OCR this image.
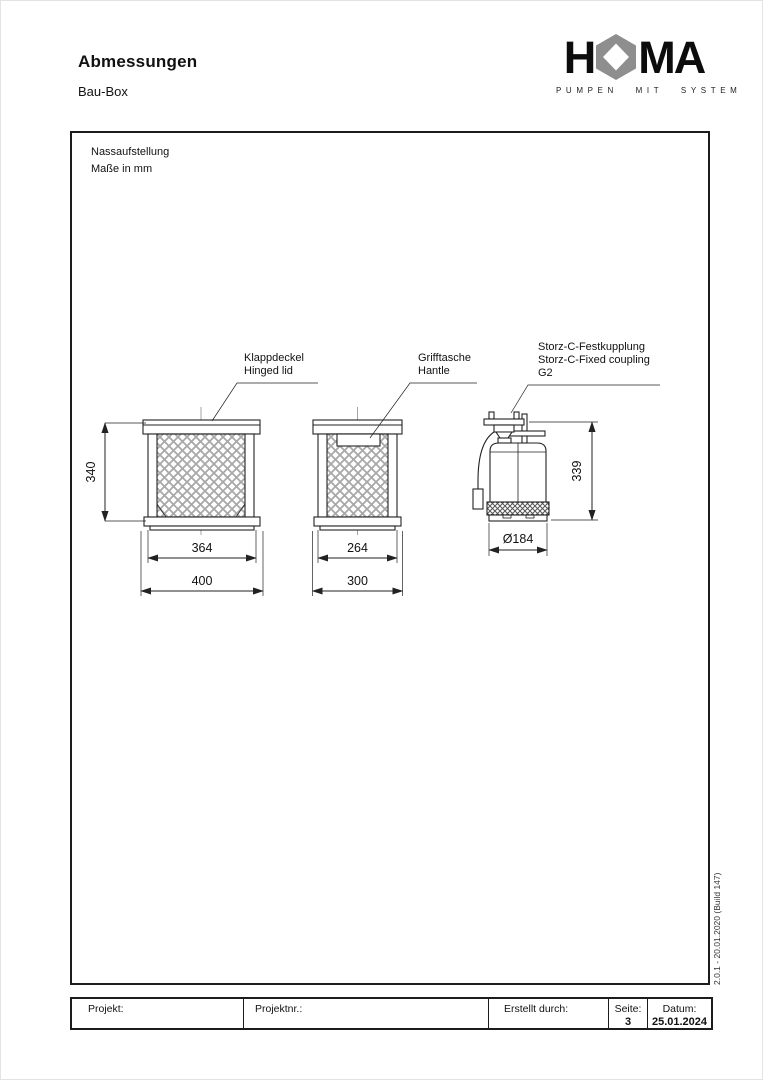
Abmessungen
Bau-Box
H MA
PUMPEN MIT SYSTEM
Nassaufstellung
Maße in mm
340
364
400
264
300
339
Ø184
Klappdeckel
Hinged lid
Grifftasche
Hantle
Storz-C-Festkupplung
Storz-C-Fixed coupling
G2
2.0.1 - 20.01.2020 (Build 147)
Projekt:	Projektnr.:	Erstellt durch:	Seite:
3
Datum:
25.01.2024
